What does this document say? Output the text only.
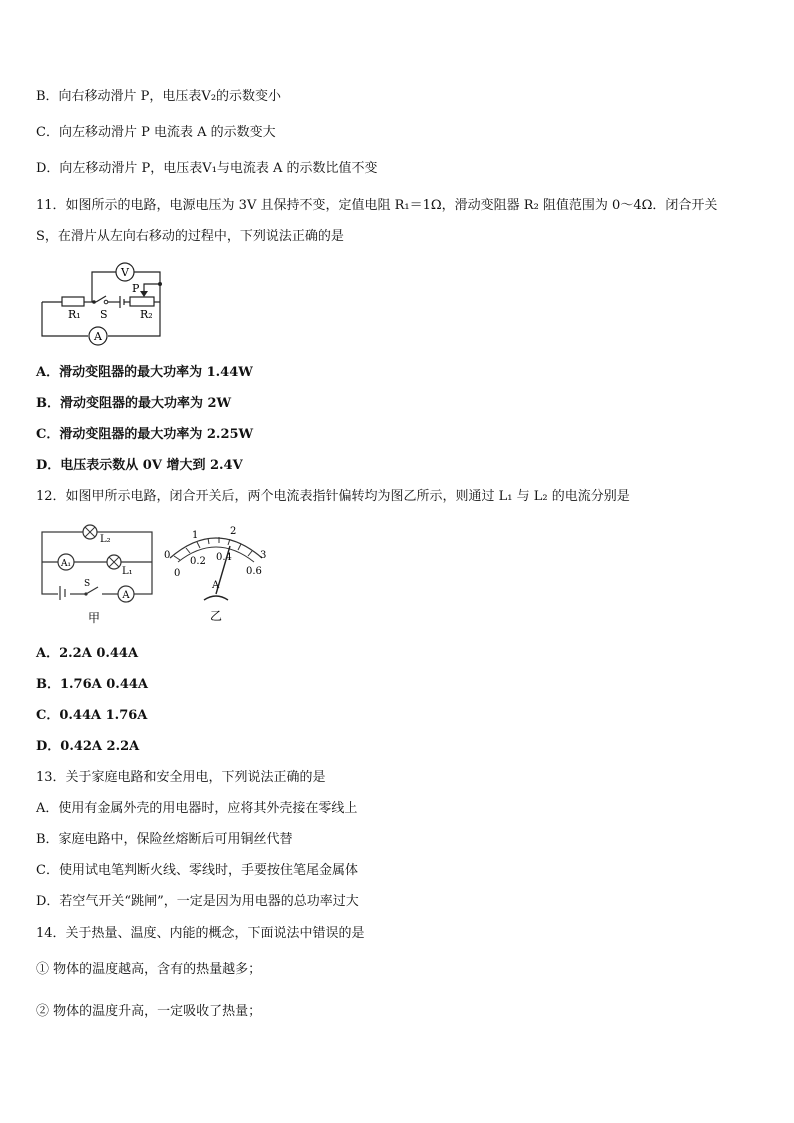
B．向右移动滑片 P，电压表V₂的示数变小
C．向左移动滑片 P 电流表 A 的示数变大
D．向左移动滑片 P，电压表V₁与电流表 A 的示数比值不变
11．如图所示的电路，电源电压为 3V 且保持不变，定值电阻 R₁＝1Ω，滑动变阻器 R₂ 阻值范围为 0～4Ω．闭合开关
S，在滑片从左向右移动的过程中，下列说法正确的是
V
A
R₁ S
P
R₂
A．滑动变阻器的最大功率为 1.44W
B．滑动变阻器的最大功率为 2W
C．滑动变阻器的最大功率为 2.25W
D．电压表示数从 0V 增大到 2.4V
12．如图甲所示电路，闭合开关后，两个电流表指针偏转均为图乙所示，则通过 L₁ 与 L₂ 的电流分别是
L₂
A₁
L₁
S
A
甲
0
1	2
3
0
0.2 0.4
0.6
A
乙
A．2.2A 0.44A
B．1.76A 0.44A
C．0.44A 1.76A
D．0.42A 2.2A
13．关于家庭电路和安全用电，下列说法正确的是
A．使用有金属外壳的用电器时，应将其外壳接在零线上
B．家庭电路中，保险丝熔断后可用铜丝代替
C．使用试电笔判断火线、零线时，手要按住笔尾金属体
D．若空气开关“跳闸”，一定是因为用电器的总功率过大
14．关于热量、温度、内能的概念，下面说法中错误的是
① 物体的温度越高，含有的热量越多；
② 物体的温度升高，一定吸收了热量；
